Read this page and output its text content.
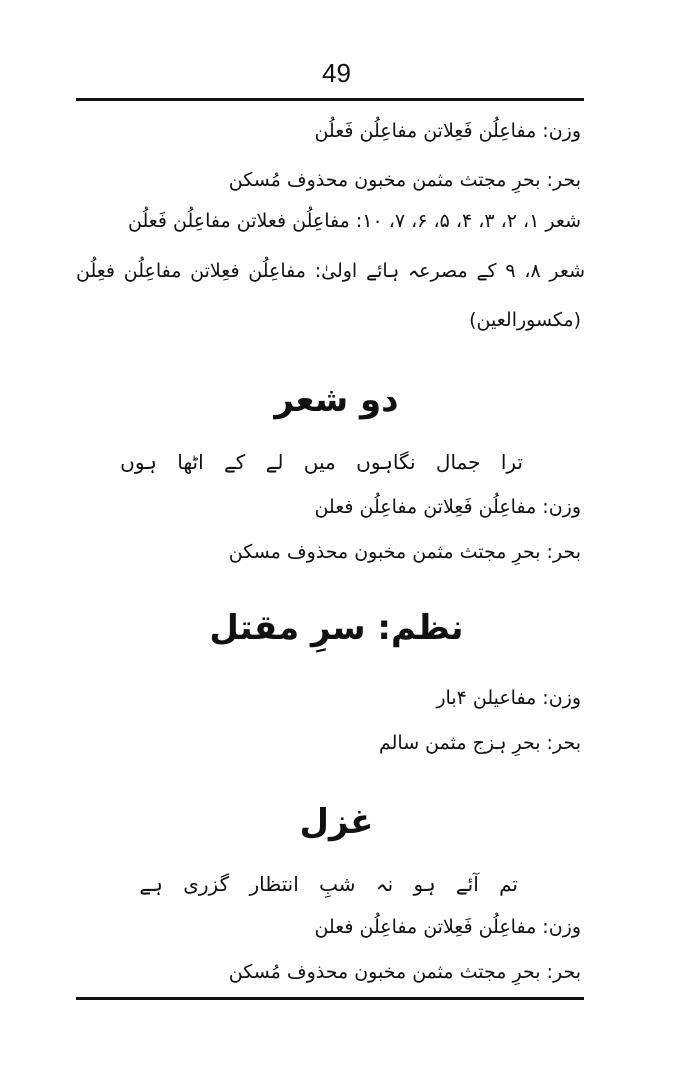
49
وزن: مفاعِلُن فَعِلاتن مفاعِلُن فَعلُن
بحر: بحرِ مجتث مثمن مخبون محذوف مُسکن
شعر ۱، ۲، ۳، ۴، ۵، ۶، ۷، ۱۰: مفاعِلُن فعلاتن مفاعِلُن فَعلُن
شعر ۸، ۹ کے مصرعہ ہائے اولیٰ: مفاعِلُن فعِلاتن مفاعِلُن فعِلُن
(مکسورالعین)
دو شعر
ترا جمال نگاہوں میں لے کے اٹھا ہوں
وزن: مفاعِلُن فَعِلاتن مفاعِلُن فعلن
بحر: بحرِ مجتث مثمن مخبون محذوف مسکن
نظم: سرِ مقتل
وزن: مفاعیلن ۴بار
بحر: بحرِ ہزج مثمن سالم
غزل
تم آئے ہو نہ شبِ انتظار گزری ہے
وزن: مفاعِلُن فَعِلاتن مفاعِلُن فعلن
بحر: بحرِ مجتث مثمن مخبون محذوف مُسکن
